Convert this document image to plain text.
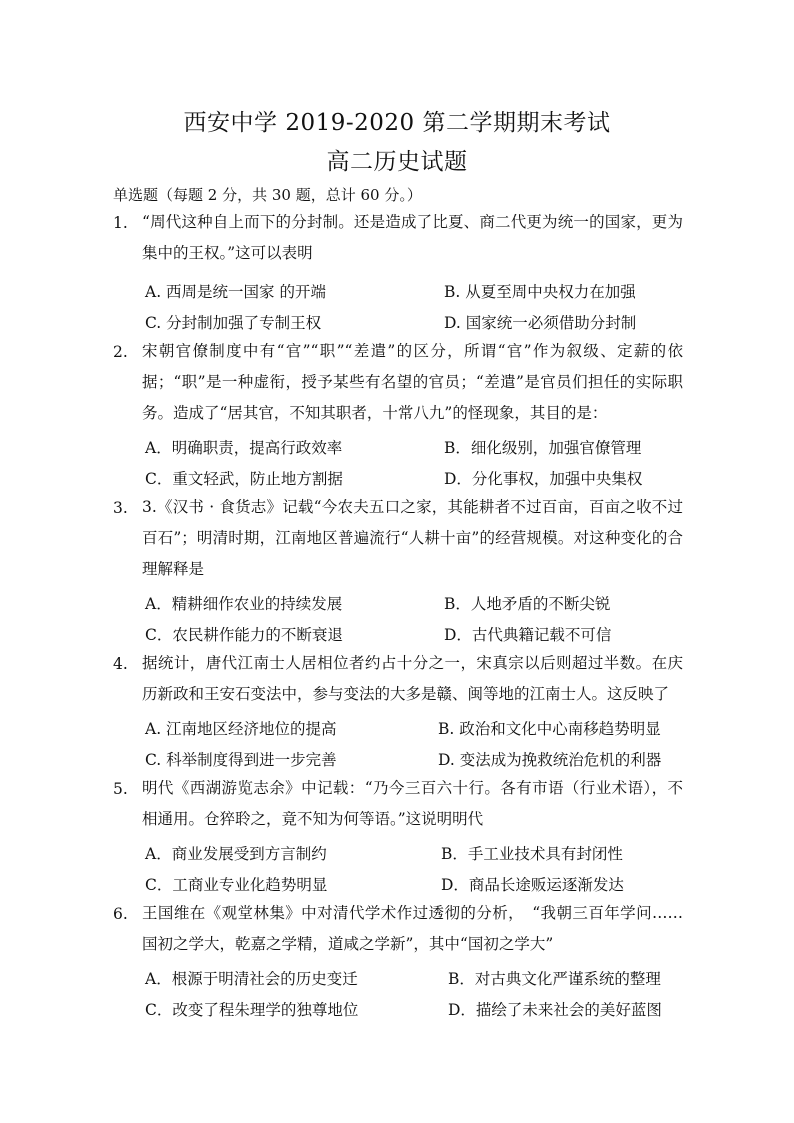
西安中学 2019-2020 第二学期期末考试
高二历史试题
单选题（每题 2 分，共 30 题，总计 60 分。）
1. “周代这种自上而下的分封制。还是造成了比夏、商二代更为统一的国家，更为集中的王权。”这可以表明
A. 西周是统一国家 的开端	B. 从夏至周中央权力在加强
C. 分封制加强了专制王权	D. 国家统一必须借助分封制
2. 宋朝官僚制度中有“官”“职”“差遣”的区分，所谓“官”作为叙级、定薪的依据；“职”是一种虚衔，授予某些有名望的官员；“差遣”是官员们担任的实际职务。造成了“居其官，不知其职者，十常八九”的怪现象，其目的是：
A．明确职责，提高行政效率	B．细化级别，加强官僚管理
C．重文轻武，防止地方割据	D．分化事权，加强中央集权
3. 3.《汉书 · 食货志》记载“今农夫五口之家，其能耕者不过百亩，百亩之收不过百石”；明清时期，江南地区普遍流行“人耕十亩”的经营规模。对这种变化的合理解释是
A．精耕细作农业的持续发展	B．人地矛盾的不断尖锐
C．农民耕作能力的不断衰退	D．古代典籍记载不可信
4. 据统计，唐代江南士人居相位者约占十分之一，宋真宗以后则超过半数。在庆历新政和王安石变法中，参与变法的大多是赣、闽等地的江南士人。这反映了
A. 江南地区经济地位的提高	B. 政治和文化中心南移趋势明显
C. 科举制度得到进一步完善	D. 变法成为挽救统治危机的利器
5. 明代《西湖游览志余》中记载：“乃今三百六十行。各有市语（行业术语），不相通用。仓猝聆之，竟不知为何等语。”这说明明代
A．商业发展受到方言制约	B．手工业技术具有封闭性
C．工商业专业化趋势明显	D．商品长途贩运逐渐发达
6. 王国维在《观堂林集》中对清代学术作过透彻的分析，　“我朝三百年学问……国初之学大，乾嘉之学精，道咸之学新”，其中“国初之学大”
A．根源于明清社会的历史变迁	B．对古典文化严谨系统的整理
C．改变了程朱理学的独尊地位	D．描绘了未来社会的美好蓝图
